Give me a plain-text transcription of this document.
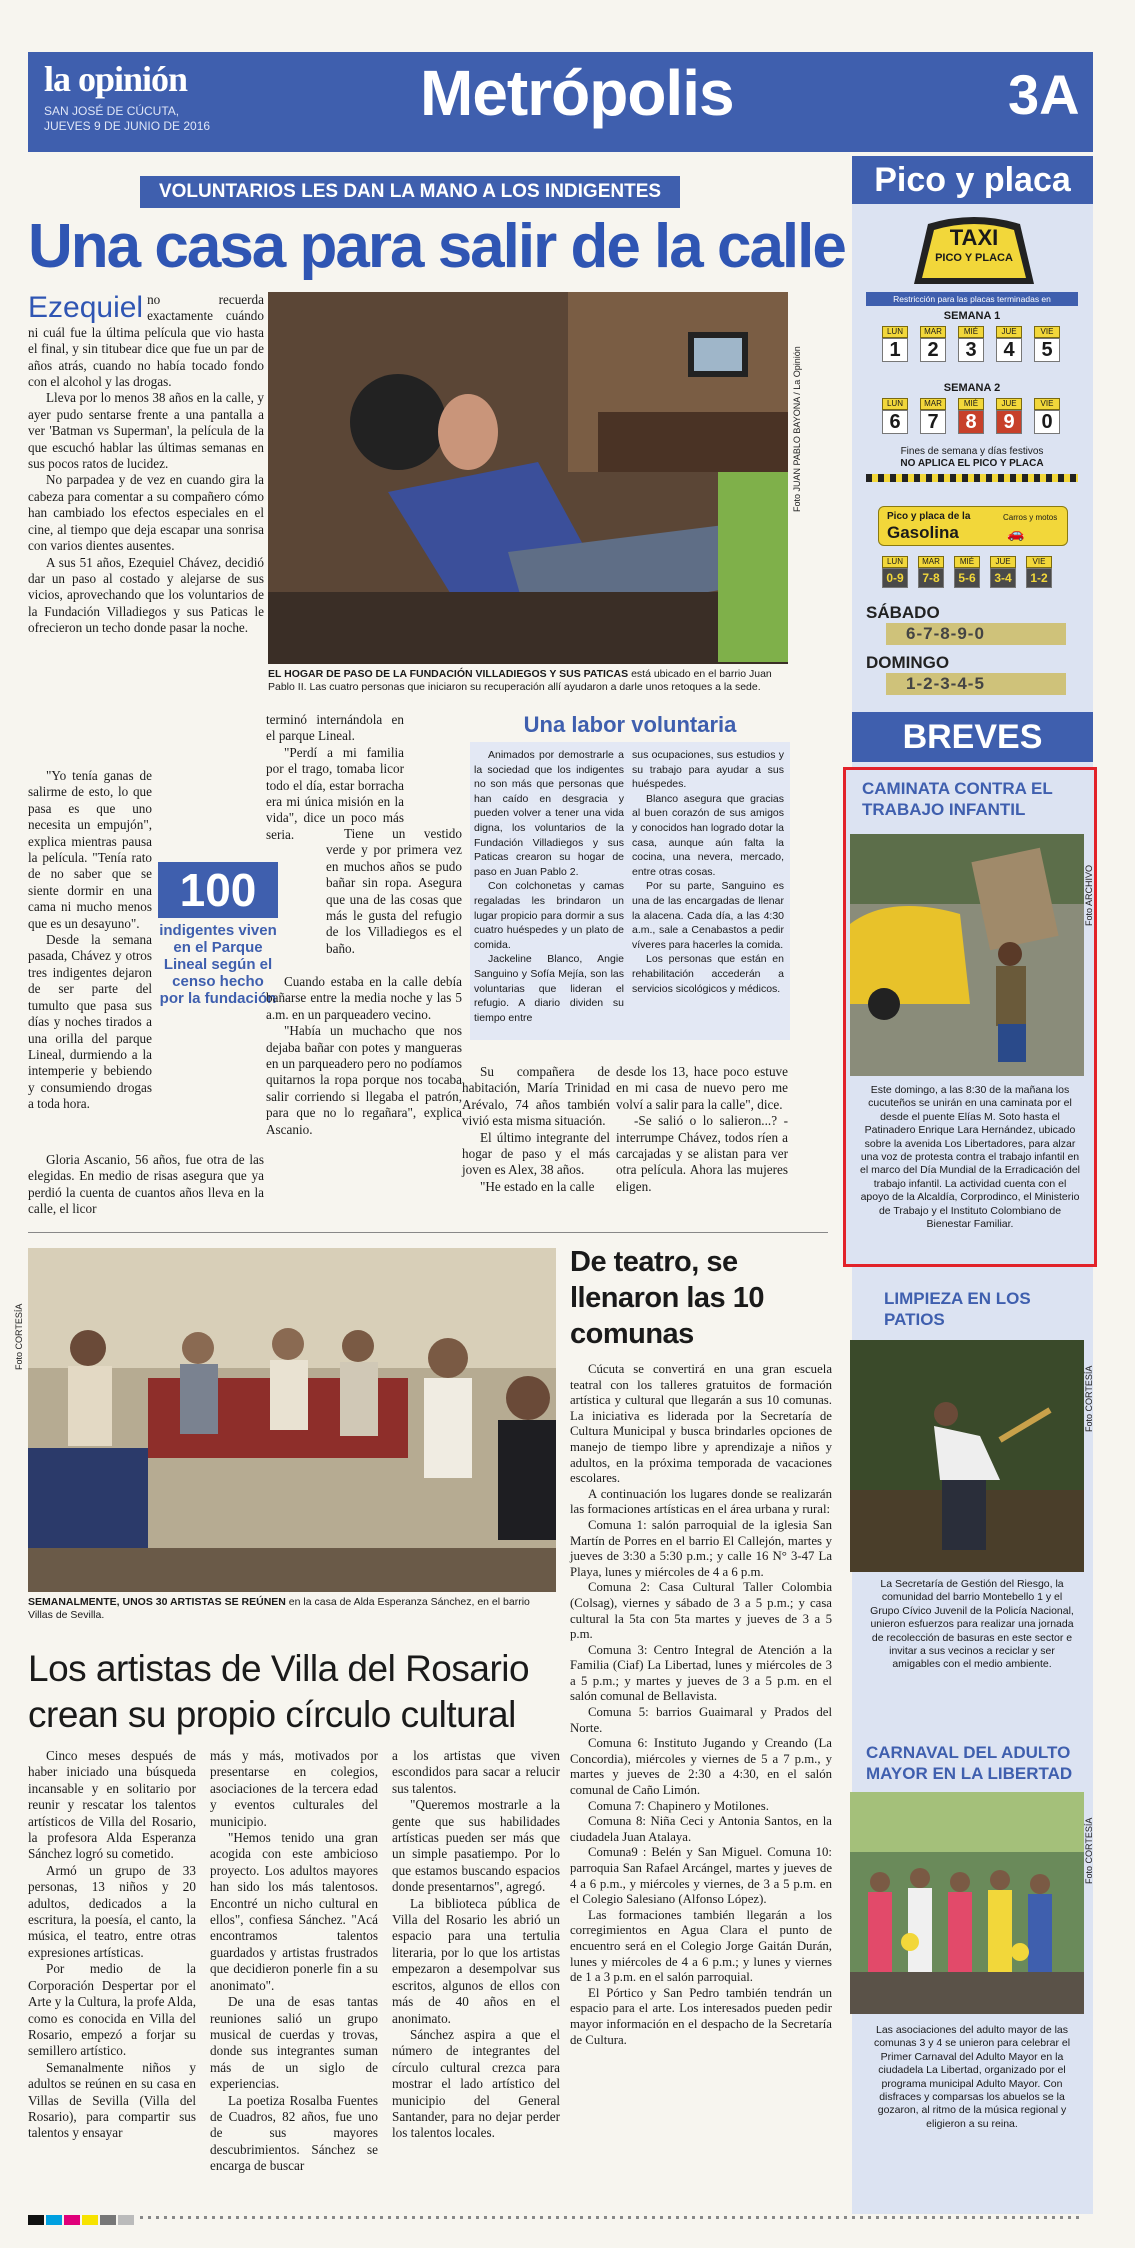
la opinión
SAN JOSÉ DE CÚCUTA,
JUEVES 9 DE JUNIO DE 2016	Metrópolis	3A
VOLUNTARIOS LES DAN LA MANO A LOS INDIGENTES
Una casa para salir de la calle
Ezequiel no recuerda exactamente cuándo ni cuál fue la última película que vio hasta el final, y sin titubear dice que fue un par de años atrás, cuando no había tocado fondo con el alcohol y las drogas.

Lleva por lo menos 38 años en la calle, y ayer pudo sentarse frente a una pantalla a ver 'Batman vs Superman', la película de la que escuchó hablar las últimas semanas en sus pocos ratos de lucidez.

No parpadea y de vez en cuando gira la cabeza para comentar a su compañero cómo han cambiado los efectos especiales en el cine, al tiempo que deja escapar una sonrisa con varios dientes ausentes.

A sus 51 años, Ezequiel Chávez, decidió dar un paso al costado y alejarse de sus vicios, aprovechando que los voluntarios de la Fundación Villadiegos y sus Paticas le ofrecieron un techo donde pasar la noche.

"Yo tenía ganas de salirme de esto, lo que pasa es que uno necesita un empujón", explica mientras pausa la película. "Tenía rato de no saber que se siente dormir en una cama ni mucho menos que es un desayuno".

Desde la semana pasada, Chávez y otros tres indigentes dejaron de ser parte del tumulto que pasa sus días y noches tirados a una orilla del parque Lineal, durmiendo a la intemperie y bebiendo y consumiendo drogas a toda hora.

Gloria Ascanio, 56 años, fue otra de las elegidas. En medio de risas asegura que ya perdió la cuenta de cuantos años lleva en la calle, el licor

100
indigentes viven en el Parque Lineal según el censo hecho por la fundación
Foto JUAN PABLO BAYONA / La Opinión
EL HOGAR DE PASO DE LA FUNDACIÓN VILLADIEGOS Y SUS PATICAS está ubicado en el barrio Juan Pablo II. Las cuatro personas que iniciaron su recuperación allí ayudaron a darle unos retoques a la sede.
terminó internándola en el parque Lineal.

"Perdí a mi familia por el trago, tomaba licor todo el día, estar borracha era mi única misión en la vida", dice un poco más seria.	Tiene un vestido verde y por primera vez en muchos años se pudo bañar sin ropa. Asegura que una de las cosas que más le gusta del refugio de los Villadiegos es el baño.

Cuando estaba en la calle debía bañarse entre la media noche y las 5 a.m. en un parqueadero vecino.

"Había un muchacho que nos dejaba bañar con potes y mangueras en un parqueadero pero no podíamos quitarnos la ropa porque nos tocaba salir corriendo si llegaba el patrón, para que no lo regañara", explica Ascanio.

Una labor voluntaria

Animados por demostrarle a la sociedad que los indigentes no son más que personas que han caído en desgracia y pueden volver a tener una vida digna, los voluntarios de la Fundación Villadiegos y sus Paticas crearon su hogar de paso en Juan Pablo 2.

Con colchonetas y camas regaladas les brindaron un lugar propicio para dormir a sus cuatro huéspedes y un plato de comida.

Jackeline Blanco, Angie Sanguino y Sofía Mejía, son las voluntarias que lideran el refugio. A diario dividen su tiempo entre

sus ocupaciones, sus estudios y su trabajo para ayudar a sus huéspedes.

Blanco asegura que gracias al buen corazón de sus amigos y conocidos han logrado dotar la casa, aunque aún falta la cocina, una nevera, mercado, entre otras cosas.

Por su parte, Sanguino es una de las encargadas de llenar la alacena. Cada día, a las 4:30 a.m., sale a Cenabastos a pedir víveres para hacerles la comida.

Los personas que están en rehabilitación accederán a servicios sicológicos y médicos.

Su compañera de habitación, María Trinidad Arévalo, 74 años también vivió esta misma situación.

El último integrante del hogar de paso y el más joven es Alex, 38 años.

"He estado en la calle

desde los 13, hace poco estuve en mi casa de nuevo pero me volví a salir para la calle", dice.

-Se salió o lo salieron...? - interrumpe Chávez, todos ríen a carcajadas y se alistan para ver otra película. Ahora las mujeres eligen.

Foto CORTESÍA
SEMANALMENTE, UNOS 30 ARTISTAS SE REÚNEN en la casa de Alda Esperanza Sánchez, en el barrio Villas de Sevilla.
Los artistas de Villa del Rosario crean su propio círculo cultural

Cinco meses después de haber iniciado una búsqueda incansable y en solitario por reunir y rescatar los talentos artísticos de Villa del Rosario, la profesora Alda Esperanza Sánchez logró su cometido.

Armó un grupo de 33 personas, 13 niños y 20 adultos, dedicados a la escritura, la poesía, el canto, la música, el teatro, entre otras expresiones artísticas.

Por medio de la Corporación Despertar por el Arte y la Cultura, la profe Alda, como es conocida en Villa del Rosario, empezó a forjar su semillero artístico.

Semanalmente niños y adultos se reúnen en su casa en Villas de Sevilla (Villa del Rosario), para compartir sus talentos y ensayar

más y más, motivados por presentarse en colegios, asociaciones de la tercera edad y eventos culturales del municipio.

"Hemos tenido una gran acogida con este ambicioso proyecto. Los adultos mayores han sido los más talentosos. Encontré un nicho cultural en ellos", confiesa Sánchez. "Acá encontramos talentos guardados y artistas frustrados que decidieron ponerle fin a su anonimato".

De una de esas tantas reuniones salió un grupo musical de cuerdas y trovas, donde sus integrantes suman más de un siglo de experiencias.

La poetiza Rosalba Fuentes de Cuadros, 82 años, fue uno de sus mayores descubrimientos. Sánchez se encarga de buscar

a los artistas que viven escondidos para sacar a relucir sus talentos.

"Queremos mostrarle a la gente que sus habilidades artísticas pueden ser más que un simple pasatiempo. Por lo que estamos buscando espacios donde presentarnos", agregó.

La biblioteca pública de Villa del Rosario les abrió un espacio para una tertulia literaria, por lo que los artistas empezaron a desempolvar sus escritos, algunos de ellos con más de 40 años en el anonimato.

Sánchez aspira a que el número de integrantes del círculo cultural crezca para mostrar el lado artístico del municipio del General Santander, para no dejar perder los talentos locales.

De teatro, se llenaron las 10 comunas

Cúcuta se convertirá en una gran escuela teatral con los talleres gratuitos de formación artística y cultural que llegarán a sus 10 comunas. La iniciativa es liderada por la Secretaría de Cultura Municipal y busca brindarles opciones de manejo de tiempo libre y aprendizaje a niños y adultos, en la próxima temporada de vacaciones escolares.

A continuación los lugares donde se realizarán las formaciones artísticas en el área urbana y rural:

Comuna 1: salón parroquial de la iglesia San Martín de Porres en el barrio El Callejón, martes y jueves de 3:30 a 5:30 p.m.; y calle 16 N° 3-47 La Playa, lunes y miércoles de 4 a 6 p.m.

Comuna 2: Casa Cultural Taller Colombia (Colsag), viernes y sábado de 3 a 5 p.m.; y casa cultural la 5ta con 5ta martes y jueves de 3 a 5 p.m.

Comuna 3: Centro Integral de Atención a la Familia (Ciaf) La Libertad, lunes y miércoles de 3 a 5 p.m.; y martes y jueves de 3 a 5 p.m. en el salón comunal de Bellavista.

Comuna 5: barrios Guaimaral y Prados del Norte.

Comuna 6: Instituto Jugando y Creando (La Concordia), miércoles y viernes de 5 a 7 p.m., y martes y jueves de 2:30 a 4:30, en el salón comunal de Caño Limón.

Comuna 7: Chapinero y Motilones.

Comuna 8: Niña Ceci y Antonia Santos, en la ciudadela Juan Atalaya.

Comuna9 : Belén y San Miguel. Comuna 10: parroquia San Rafael Arcángel, martes y jueves de 4 a 6 p.m., y miércoles y viernes, de 3 a 5 p.m. en el Colegio Salesiano (Alfonso López).

Las formaciones también llegarán a los corregimientos en Agua Clara el punto de encuentro será en el Colegio Jorge Gaitán Durán, lunes y miércoles de 4 a 6 p.m.; y lunes y viernes de 1 a 3 p.m. en el salón parroquial.

El Pórtico y San Pedro también tendrán un espacio para el arte. Los interesados pueden pedir mayor información en el despacho de la Secretaría de Cultura.

Pico y placa
TAXI
PICO Y PLACA
Restricción para las placas terminadas en
SEMANA 1
LUN
1
MAR
2
MIÉ
3
JUE
4
VIE
5
SEMANA 2
LUN
6
MAR
7
MIÉ
8
JUE
9
VIE
0
Fines de semana y días festivos
NO APLICA EL PICO Y PLACA
Pico y placa de la
Gasolina
Carros y motos
🚗
LUN
0-9
MAR
7-8
MIÉ
5-6
JUE
3-4
VIE
1-2
SÁBADO
6-7-8-9-0
DOMINGO
1-2-3-4-5
BREVES
CAMINATA CONTRA EL TRABAJO INFANTIL
Foto ARCHIVO
Este domingo, a las 8:30 de la mañana los cucuteños se unirán en una caminata por el desde el puente Elías M. Soto hasta el Patinadero Enrique Lara Hernández, ubicado sobre la avenida Los Libertadores, para alzar una voz de protesta contra el trabajo infantil en el marco del Día Mundial de la Erradicación del trabajo infantil. La actividad cuenta con el apoyo de la Alcaldía, Corprodinco, el Ministerio de Trabajo y el Instituto Colombiano de Bienestar Familiar.
LIMPIEZA EN LOS PATIOS
Foto CORTESÍA
La Secretaría de Gestión del Riesgo, la comunidad del barrio Montebello 1 y el Grupo Cívico Juvenil de la Policía Nacional, unieron esfuerzos para realizar una jornada de recolección de basuras en este sector e invitar a sus vecinos a reciclar y ser amigables con el medio ambiente.
CARNAVAL DEL ADULTO MAYOR EN LA LIBERTAD
Foto CORTESÍA
Las asociaciones del adulto mayor de las comunas 3 y 4 se unieron para celebrar el Primer Carnaval del Adulto Mayor en la ciudadela La Libertad, organizado por el programa municipal Adulto Mayor. Con disfraces y comparsas los abuelos se la gozaron, al ritmo de la música regional y eligieron a su reina.
